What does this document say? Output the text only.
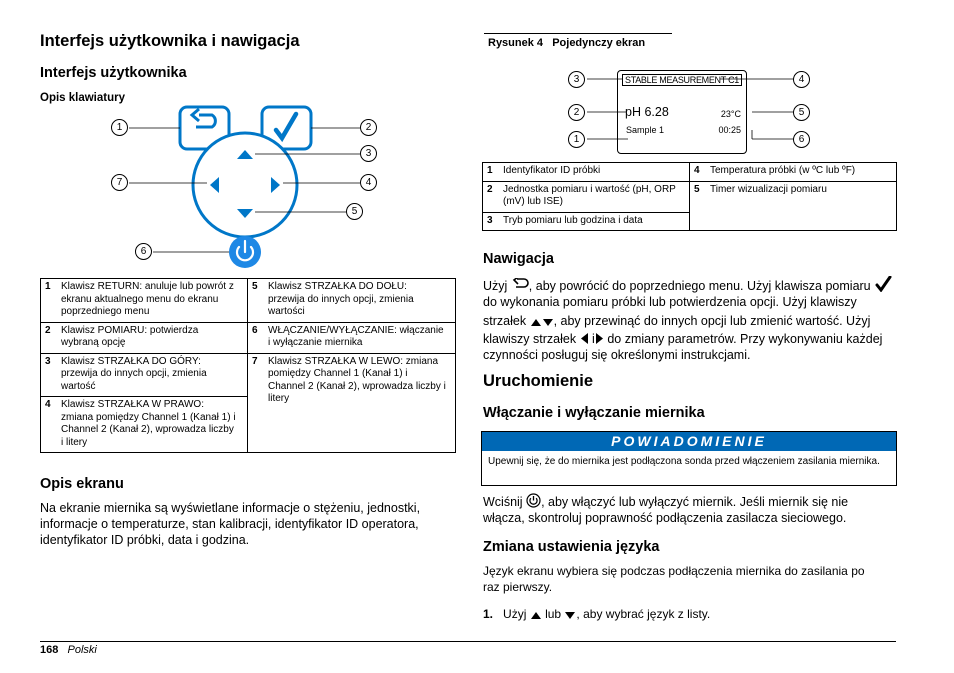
Interfejs użytkownika i nawigacja
Interfejs użytkownika
Opis klawiatury
1	2
3
7	4
5
6
1 Klawisz RETURN: anuluje lub powrót z ekranu aktualnego menu do ekranu poprzedniego menu	5 Klawisz STRZAŁKA DO DOŁU: przewija do innych opcji, zmienia wartości
2 Klawisz POMIARU: potwierdza wybraną opcję	6 WŁĄCZANIE/WYŁĄCZANIE: włączanie i wyłączanie miernika
3 Klawisz STRZAŁKA DO GÓRY: przewija do innych opcji, zmienia wartość	7 Klawisz STRZAŁKA W LEWO: zmiana pomiędzy Channel 1 (Kanał 1) i Channel 2 (Kanał 2), wprowadza liczby i litery
4 Klawisz STRZAŁKA W PRAWO: zmiana pomiędzy Channel 1 (Kanał 1) i Channel 2 (Kanał 2), wprowadza liczby i litery	
Opis ekranu
Na ekranie miernika są wyświetlane informacje o stężeniu, jednostki, informacje o temperaturze, stan kalibracji, identyfikator ID operatora, identyfikator ID próbki, data i godzina.
Rysunek 4 Pojedynczy ekran
STABLE MEASUREMENT C1
pH 6.28	23°C
Sample 1	00:25
3
2
1
4
5
6
1 Identyfikator ID próbki	4 Temperatura próbki (w ºC lub ºF)
2 Jednostka pomiaru i wartość (pH, ORP (mV) lub ISE)	5 Timer wizualizacji pomiaru
3 Tryb pomiaru lub godzina i data	
Nawigacja
Użyj , aby powrócić do poprzedniego menu. Użyj klawisza pomiaru
do wykonania pomiaru próbki lub potwierdzenia opcji. Użyj klawiszy
strzałek , aby przewinąć do innych opcji lub zmienić wartość. Użyj
klawiszy strzałek i do zmiany parametrów. Przy wykonywaniu każdej
czynności posługuj się określonymi instrukcjami.
Uruchomienie
Włączanie i wyłączanie miernika
POWIADOMIENIE
Upewnij się, że do miernika jest podłączona sonda przed włączeniem zasilania miernika.
Wciśnij , aby włączyć lub wyłączyć miernik. Jeśli miernik się nie
włącza, skontroluj poprawność podłączenia zasilacza sieciowego.
Zmiana ustawienia języka
Język ekranu wybiera się podczas podłączenia miernika do zasilania po raz pierwszy.
1. Użyj lub , aby wybrać język z listy.
168 Polski
